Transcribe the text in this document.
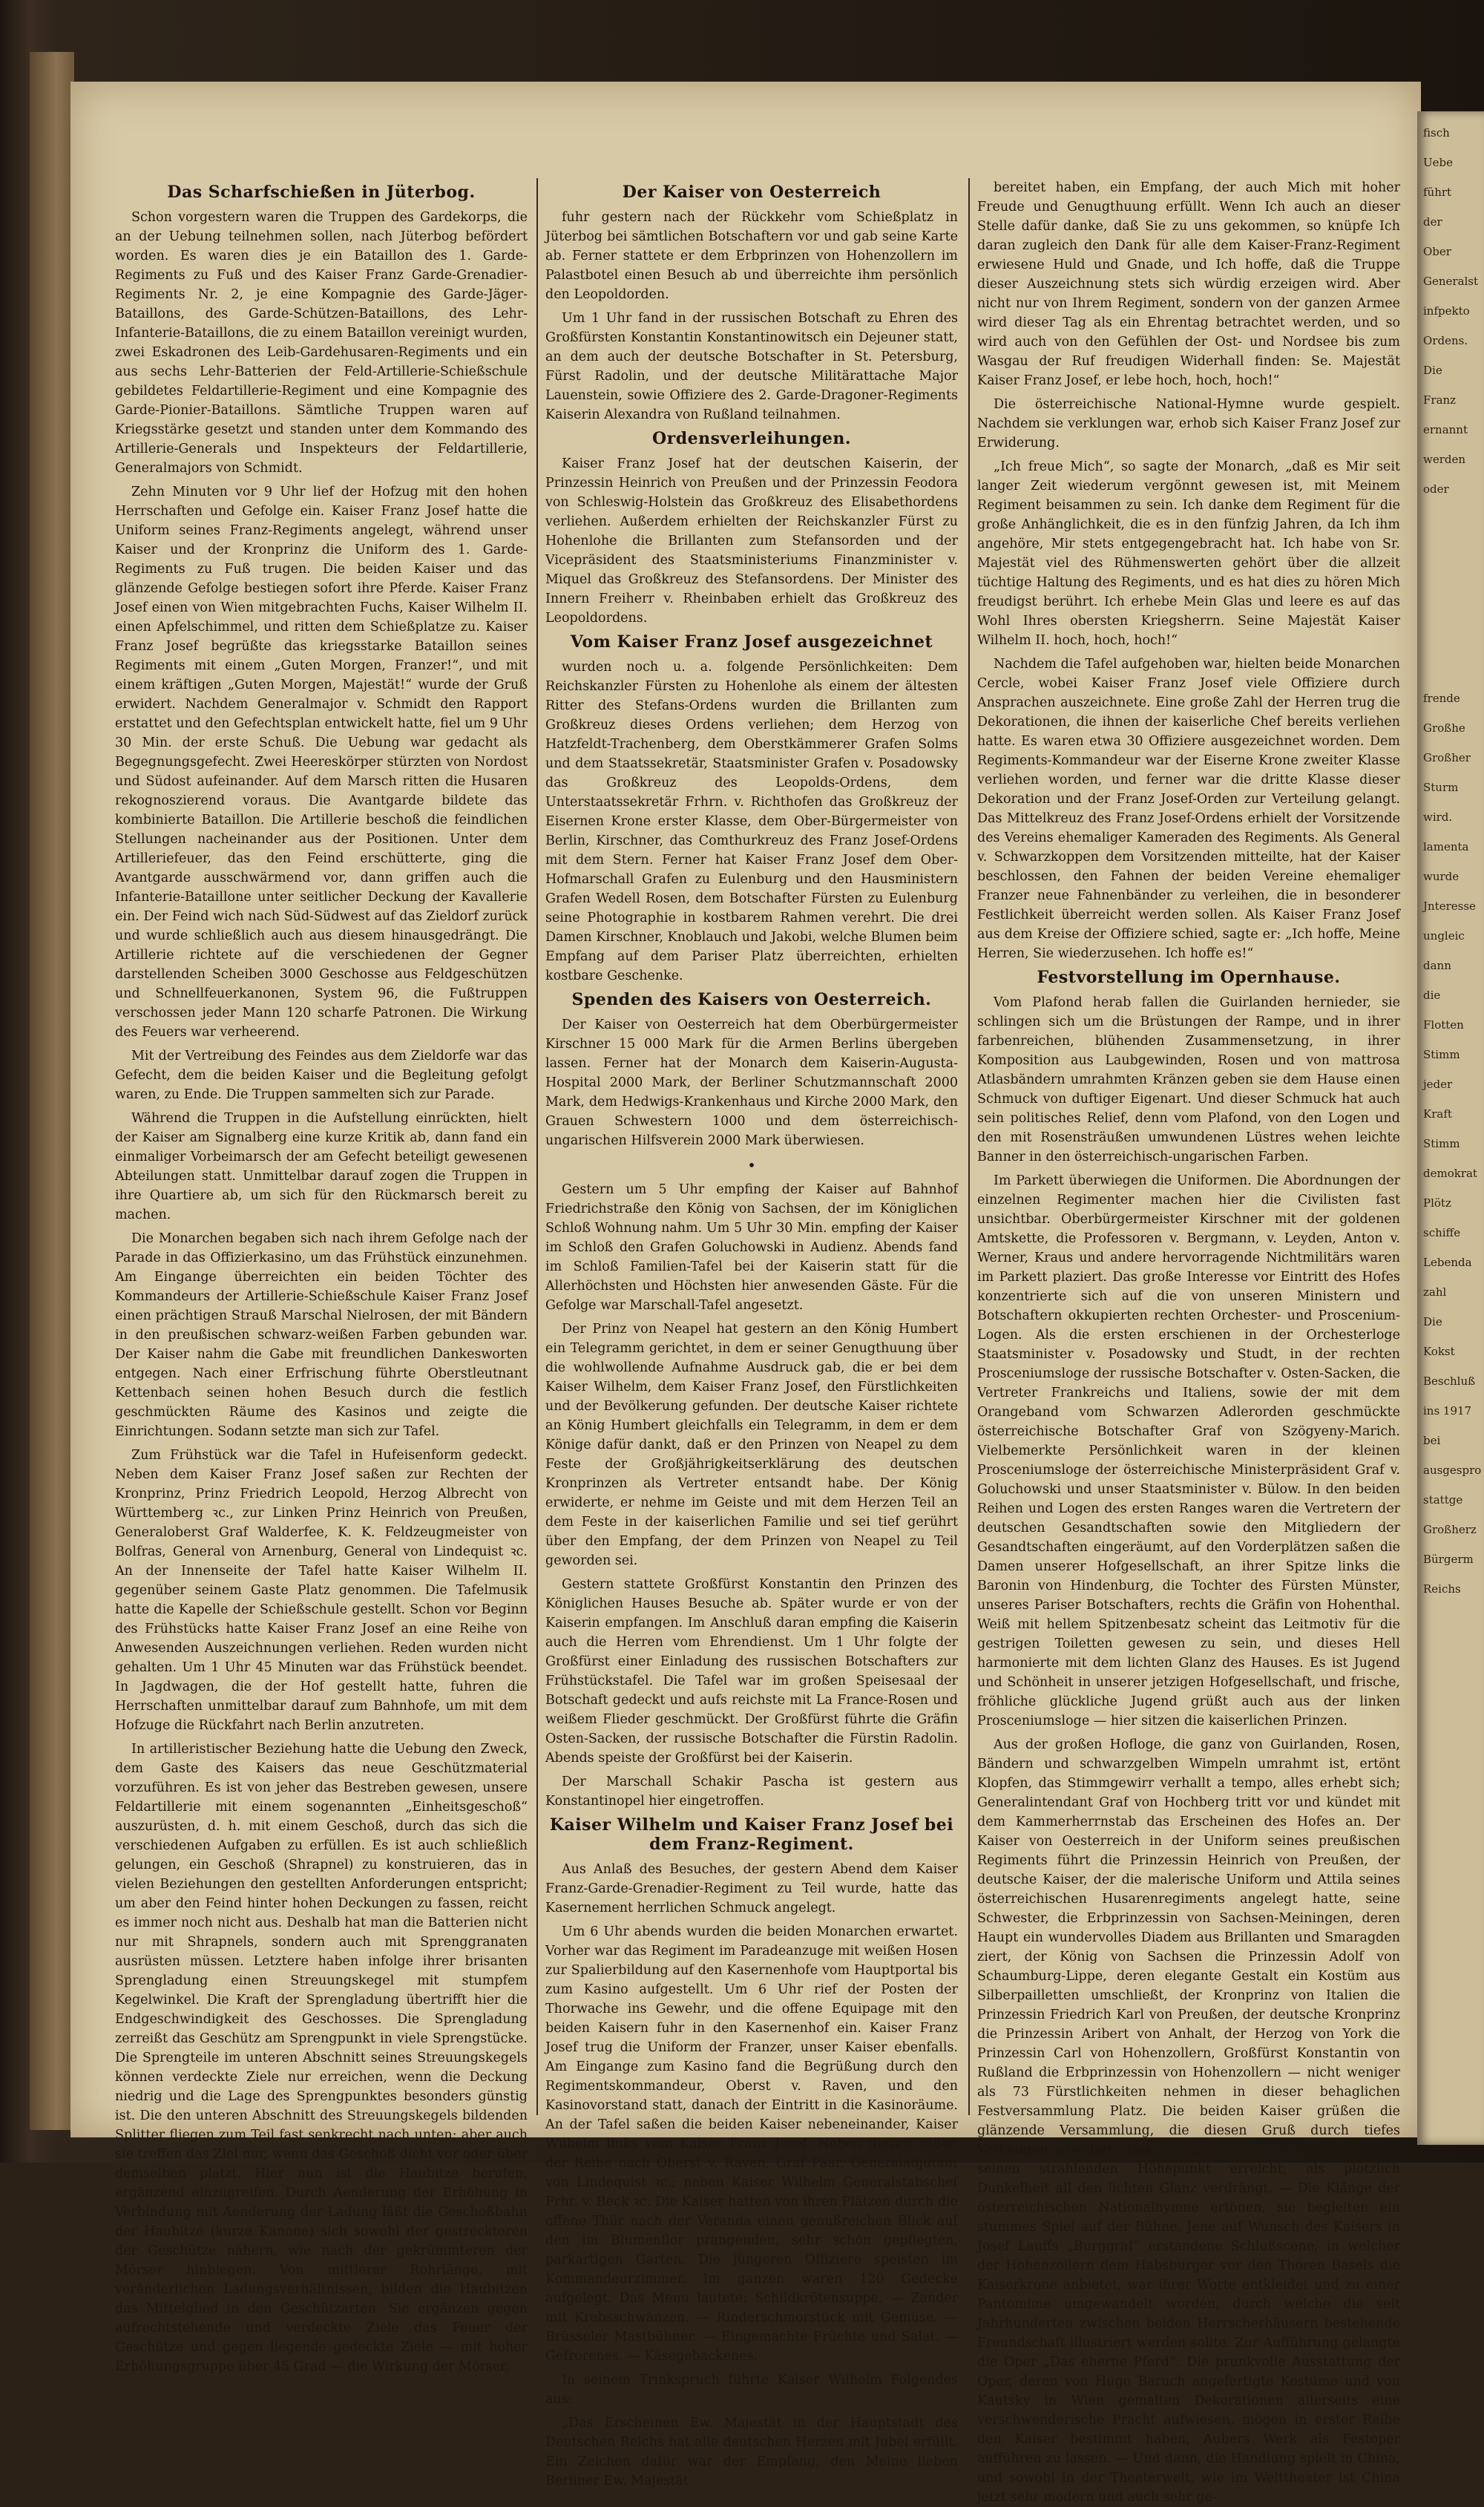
Das Scharfschießen in Jüterbog.

Schon vorgestern waren die Truppen des Gardekorps, die an der Uebung teilnehmen sollen, nach Jüterbog befördert worden. Es waren dies je ein Bataillon des 1. Garde-Regiments zu Fuß und des Kaiser Franz Garde-Grenadier-Regiments Nr. 2, je eine Kompagnie des Garde-Jäger-Bataillons, des Garde-Schützen-Bataillons, des Lehr-Infanterie-Bataillons, die zu einem Bataillon vereinigt wurden, zwei Eskadronen des Leib-Gardehusaren-Regiments und ein aus sechs Lehr-Batterien der Feld-Artillerie-Schießschule gebildetes Feldartillerie-Regiment und eine Kompagnie des Garde-Pionier-Bataillons. Sämtliche Truppen waren auf Kriegsstärke gesetzt und standen unter dem Kommando des Artillerie-Generals und Inspekteurs der Feldartillerie, Generalmajors von Schmidt.

Zehn Minuten vor 9 Uhr lief der Hofzug mit den hohen Herrschaften und Gefolge ein. Kaiser Franz Josef hatte die Uniform seines Franz-Regiments angelegt, während unser Kaiser und der Kronprinz die Uniform des 1. Garde-Regiments zu Fuß trugen. Die beiden Kaiser und das glänzende Gefolge bestiegen sofort ihre Pferde. Kaiser Franz Josef einen von Wien mitgebrachten Fuchs, Kaiser Wilhelm II. einen Apfelschimmel, und ritten dem Schießplatze zu. Kaiser Franz Josef begrüßte das kriegsstarke Bataillon seines Regiments mit einem „Guten Morgen, Franzer!“, und mit einem kräftigen „Guten Morgen, Majestät!“ wurde der Gruß erwidert. Nachdem Generalmajor v. Schmidt den Rapport erstattet und den Gefechtsplan entwickelt hatte, fiel um 9 Uhr 30 Min. der erste Schuß. Die Uebung war gedacht als Begegnungsgefecht. Zwei Heereskörper stürzten von Nordost und Südost aufeinander. Auf dem Marsch ritten die Husaren rekognoszierend voraus. Die Avantgarde bildete das kombinierte Bataillon. Die Artillerie beschoß die feindlichen Stellungen nacheinander aus der Positionen. Unter dem Artilleriefeuer, das den Feind erschütterte, ging die Avantgarde ausschwärmend vor, dann griffen auch die Infanterie-Bataillone unter seitlicher Deckung der Kavallerie ein. Der Feind wich nach Süd-Südwest auf das Zieldorf zurück und wurde schließlich auch aus diesem hinausgedrängt. Die Artillerie richtete auf die verschiedenen der Gegner darstellenden Scheiben 3000 Geschosse aus Feldgeschützen und Schnellfeuerkanonen, System 96, die Fußtruppen verschossen jeder Mann 120 scharfe Patronen. Die Wirkung des Feuers war verheerend.

Mit der Vertreibung des Feindes aus dem Zieldorfe war das Gefecht, dem die beiden Kaiser und die Begleitung gefolgt waren, zu Ende. Die Truppen sammelten sich zur Parade.

Während die Truppen in die Aufstellung einrückten, hielt der Kaiser am Signalberg eine kurze Kritik ab, dann fand ein einmaliger Vorbeimarsch der am Gefecht beteiligt gewesenen Abteilungen statt. Unmittelbar darauf zogen die Truppen in ihre Quartiere ab, um sich für den Rückmarsch bereit zu machen.

Die Monarchen begaben sich nach ihrem Gefolge nach der Parade in das Offizierkasino, um das Frühstück einzunehmen. Am Eingange überreichten ein beiden Töchter des Kommandeurs der Artillerie-Schießschule Kaiser Franz Josef einen prächtigen Strauß Marschal Nielrosen, der mit Bändern in den preußischen schwarz-weißen Farben gebunden war. Der Kaiser nahm die Gabe mit freundlichen Dankesworten entgegen. Nach einer Erfrischung führte Oberstleutnant Kettenbach seinen hohen Besuch durch die festlich geschmückten Räume des Kasinos und zeigte die Einrichtungen. Sodann setzte man sich zur Tafel.

Zum Frühstück war die Tafel in Hufeisenform gedeckt. Neben dem Kaiser Franz Josef saßen zur Rechten der Kronprinz, Prinz Friedrich Leopold, Herzog Albrecht von Württemberg ꝛc., zur Linken Prinz Heinrich von Preußen, Generaloberst Graf Walderfee, K. K. Feldzeugmeister von Bolfras, General von Arnenburg, General von Lindequist ꝛc. An der Innenseite der Tafel hatte Kaiser Wilhelm II. gegenüber seinem Gaste Platz genommen. Die Tafelmusik hatte die Kapelle der Schießschule gestellt. Schon vor Beginn des Frühstücks hatte Kaiser Franz Josef an eine Reihe von Anwesenden Auszeichnungen verliehen. Reden wurden nicht gehalten. Um 1 Uhr 45 Minuten war das Frühstück beendet. In Jagdwagen, die der Hof gestellt hatte, fuhren die Herrschaften unmittelbar darauf zum Bahnhofe, um mit dem Hofzuge die Rückfahrt nach Berlin anzutreten.

In artilleristischer Beziehung hatte die Uebung den Zweck, dem Gaste des Kaisers das neue Geschützmaterial vorzuführen. Es ist von jeher das Bestreben gewesen, unsere Feldartillerie mit einem sogenannten „Einheitsgeschoß“ auszurüsten, d. h. mit einem Geschoß, durch das sich die verschiedenen Aufgaben zu erfüllen. Es ist auch schließlich gelungen, ein Geschoß (Shrapnel) zu konstruieren, das in vielen Beziehungen den gestellten Anforderungen entspricht; um aber den Feind hinter hohen Deckungen zu fassen, reicht es immer noch nicht aus. Deshalb hat man die Batterien nicht nur mit Shrapnels, sondern auch mit Sprenggranaten ausrüsten müssen. Letztere haben infolge ihrer brisanten Sprengladung einen Streuungskegel mit stumpfem Kegelwinkel. Die Kraft der Sprengladung übertrifft hier die Endgeschwindigkeit des Geschosses. Die Sprengladung zerreißt das Geschütz am Sprengpunkt in viele Sprengstücke. Die Sprengteile im unteren Abschnitt seines Streuungskegels können verdeckte Ziele nur erreichen, wenn die Deckung niedrig und die Lage des Sprengpunktes besonders günstig ist. Die den unteren Abschnitt des Streuungskegels bildenden Splitter fliegen zum Teil fast senkrecht nach unten; aber auch sie treffen das Ziel nur, wenn das Geschoß dicht vor oder über demselben platzt. Hier nun ist die Haubitze berufen, ergänzend einzugreifen. Durch Aenderung der Erhöhung in Verbindung mit Aenderung der Ladung läßt die Geschoßbahn der Haubitze (kurze Kanone) sich sowohl der gestreckteren der Geschütze nähern, wie nach der gekrümmteren der Mörser hinbiegen. Von mittlerer Rohrlänge, mit veränderlichen Ladungsverhältnissen, bilden die Haubitzen das Mittelglied in den Geschützarten. Sie ergänzen gegen aufrechtstehende und verdeckte Ziele das Feuer der Geschütze und gegen liegende gedeckte Ziele — mit hoher Erhöhungsgruppe über 45 Grad — die Wirkung der Mörser.

Der Kaiser von Oesterreich

fuhr gestern nach der Rückkehr vom Schießplatz in Jüterbog bei sämtlichen Botschaftern vor und gab seine Karte ab. Ferner stattete er dem Erbprinzen von Hohenzollern im Palastbotel einen Besuch ab und überreichte ihm persönlich den Leopoldorden.

Um 1 Uhr fand in der russischen Botschaft zu Ehren des Großfürsten Konstantin Konstantinowitsch ein Dejeuner statt, an dem auch der deutsche Botschafter in St. Petersburg, Fürst Radolin, und der deutsche Militärattache Major Lauenstein, sowie Offiziere des 2. Garde-Dragoner-Regiments Kaiserin Alexandra von Rußland teilnahmen.

Ordensverleihungen.

Kaiser Franz Josef hat der deutschen Kaiserin, der Prinzessin Heinrich von Preußen und der Prinzessin Feodora von Schleswig-Holstein das Großkreuz des Elisabethordens verliehen. Außerdem erhielten der Reichskanzler Fürst zu Hohenlohe die Brillanten zum Stefansorden und der Vicepräsident des Staatsministeriums Finanzminister v. Miquel das Großkreuz des Stefansordens. Der Minister des Innern Freiherr v. Rheinbaben erhielt das Großkreuz des Leopoldordens.

Vom Kaiser Franz Josef ausgezeichnet

wurden noch u. a. folgende Persönlichkeiten: Dem Reichskanzler Fürsten zu Hohenlohe als einem der ältesten Ritter des Stefans-Ordens wurden die Brillanten zum Großkreuz dieses Ordens verliehen; dem Herzog von Hatzfeldt-Trachenberg, dem Oberstkämmerer Grafen Solms und dem Staatssekretär, Staatsminister Grafen v. Posadowsky das Großkreuz des Leopolds-Ordens, dem Unterstaatssekretär Frhrn. v. Richthofen das Großkreuz der Eisernen Krone erster Klasse, dem Ober-Bürgermeister von Berlin, Kirschner, das Comthurkreuz des Franz Josef-Ordens mit dem Stern. Ferner hat Kaiser Franz Josef dem Ober-Hofmarschall Grafen zu Eulenburg und den Hausministern Grafen Wedell Rosen, dem Botschafter Fürsten zu Eulenburg seine Photographie in kostbarem Rahmen verehrt. Die drei Damen Kirschner, Knoblauch und Jakobi, welche Blumen beim Empfang auf dem Pariser Platz überreichten, erhielten kostbare Geschenke.

Spenden des Kaisers von Oesterreich.

Der Kaiser von Oesterreich hat dem Oberbürgermeister Kirschner 15 000 Mark für die Armen Berlins übergeben lassen. Ferner hat der Monarch dem Kaiserin-Augusta-Hospital 2000 Mark, der Berliner Schutzmannschaft 2000 Mark, dem Hedwigs-Krankenhaus und Kirche 2000 Mark, den Grauen Schwestern 1000 und dem österreichisch-ungarischen Hilfsverein 2000 Mark überwiesen.

•

Gestern um 5 Uhr empfing der Kaiser auf Bahnhof Friedrichstraße den König von Sachsen, der im Königlichen Schloß Wohnung nahm. Um 5 Uhr 30 Min. empfing der Kaiser im Schloß den Grafen Goluchowski in Audienz. Abends fand im Schloß Familien-Tafel bei der Kaiserin statt für die Allerhöchsten und Höchsten hier anwesenden Gäste. Für die Gefolge war Marschall-Tafel angesetzt.

Der Prinz von Neapel hat gestern an den König Humbert ein Telegramm gerichtet, in dem er seiner Genugthuung über die wohlwollende Aufnahme Ausdruck gab, die er bei dem Kaiser Wilhelm, dem Kaiser Franz Josef, den Fürstlichkeiten und der Bevölkerung gefunden. Der deutsche Kaiser richtete an König Humbert gleichfalls ein Telegramm, in dem er dem Könige dafür dankt, daß er den Prinzen von Neapel zu dem Feste der Großjährigkeitserklärung des deutschen Kronprinzen als Vertreter entsandt habe. Der König erwiderte, er nehme im Geiste und mit dem Herzen Teil an dem Feste in der kaiserlichen Familie und sei tief gerührt über den Empfang, der dem Prinzen von Neapel zu Teil geworden sei.

Gestern stattete Großfürst Konstantin den Prinzen des Königlichen Hauses Besuche ab. Später wurde er von der Kaiserin empfangen. Im Anschluß daran empfing die Kaiserin auch die Herren vom Ehrendienst. Um 1 Uhr folgte der Großfürst einer Einladung des russischen Botschafters zur Frühstückstafel. Die Tafel war im großen Speisesaal der Botschaft gedeckt und aufs reichste mit La France-Rosen und weißem Flieder geschmückt. Der Großfürst führte die Gräfin Osten-Sacken, der russische Botschafter die Fürstin Radolin. Abends speiste der Großfürst bei der Kaiserin.

Der Marschall Schakir Pascha ist gestern aus Konstantinopel hier eingetroffen.

Kaiser Wilhelm und Kaiser Franz Josef bei dem Franz-Regiment.

Aus Anlaß des Besuches, der gestern Abend dem Kaiser Franz-Garde-Grenadier-Regiment zu Teil wurde, hatte das Kasernement herrlichen Schmuck angelegt.

Um 6 Uhr abends wurden die beiden Monarchen erwartet. Vorher war das Regiment im Paradeanzuge mit weißen Hosen zur Spalierbildung auf den Kasernenhofe vom Hauptportal bis zum Kasino aufgestellt. Um 6 Uhr rief der Posten der Thorwache ins Gewehr, und die offene Equipage mit den beiden Kaisern fuhr in den Kasernenhof ein. Kaiser Franz Josef trug die Uniform der Franzer, unser Kaiser ebenfalls. Am Eingange zum Kasino fand die Begrüßung durch den Regimentskommandeur, Oberst v. Raven, und den Kasinovorstand statt, danach der Eintritt in die Kasinoräume. An der Tafel saßen die beiden Kaiser nebeneinander, Kaiser Wilhelm links vom Kaiser Franz Josef. Neben diesen saßen der Reihe nach Oberst v. Raven, Graf Paar, Generaladjutant von Lindequist ꝛc.; neben Kaiser Wilhelm Generalstabschef Frhr. v. Beck ꝛc. Die Kaiser hatten von ihren Plätzen durch die offene Thür nach der Veranda einen genußreichen Blick auf den im Blumenflor prangenden, sehr schön gepflegten, parkartigen Garten. Die jüngeren Offiziere speisten im Kommandeurzimmer. Im ganzen waren 120 Gedecke aufgelegt. Das Menu lautete: Schildkrötensuppe. — Zander mit Krebsschwänzen. — Rinderschmorstück mit Gemüse. — Brüsseler Mastbühner. — Eingemachte Früchte und Salat. — Gefrorenes. — Käsegebackenes.

In seinem Trinkspruch führte Kaiser Wilhelm Folgendes aus:

„Das Erscheinen Ew. Majestät in der Hauptstadt des Deutschen Reichs hat alle deutschen Herzen mit Jubel erfüllt. Ein Zeichen dafür war der Empfang, den Meine lieben Berliner Ew. Majestät

bereitet haben, ein Empfang, der auch Mich mit hoher Freude und Genugthuung erfüllt. Wenn Ich auch an dieser Stelle dafür danke, daß Sie zu uns gekommen, so knüpfe Ich daran zugleich den Dank für alle dem Kaiser-Franz-Regiment erwiesene Huld und Gnade, und Ich hoffe, daß die Truppe dieser Auszeichnung stets sich würdig erzeigen wird. Aber nicht nur von Ihrem Regiment, sondern von der ganzen Armee wird dieser Tag als ein Ehrentag betrachtet werden, und so wird auch von den Gefühlen der Ost- und Nordsee bis zum Wasgau der Ruf freudigen Widerhall finden: Se. Majestät Kaiser Franz Josef, er lebe hoch, hoch, hoch!“

Die österreichische National-Hymne wurde gespielt. Nachdem sie verklungen war, erhob sich Kaiser Franz Josef zur Erwiderung.

„Ich freue Mich“, so sagte der Monarch, „daß es Mir seit langer Zeit wiederum vergönnt gewesen ist, mit Meinem Regiment beisammen zu sein. Ich danke dem Regiment für die große Anhänglichkeit, die es in den fünfzig Jahren, da Ich ihm angehöre, Mir stets entgegengebracht hat. Ich habe von Sr. Majestät viel des Rühmenswerten gehört über die allzeit tüchtige Haltung des Regiments, und es hat dies zu hören Mich freudigst berührt. Ich erhebe Mein Glas und leere es auf das Wohl Ihres obersten Kriegsherrn. Seine Majestät Kaiser Wilhelm II. hoch, hoch, hoch!“

Nachdem die Tafel aufgehoben war, hielten beide Monarchen Cercle, wobei Kaiser Franz Josef viele Offiziere durch Ansprachen auszeichnete. Eine große Zahl der Herren trug die Dekorationen, die ihnen der kaiserliche Chef bereits verliehen hatte. Es waren etwa 30 Offiziere ausgezeichnet worden. Dem Regiments-Kommandeur war der Eiserne Krone zweiter Klasse verliehen worden, und ferner war die dritte Klasse dieser Dekoration und der Franz Josef-Orden zur Verteilung gelangt. Das Mittelkreuz des Franz Josef-Ordens erhielt der Vorsitzende des Vereins ehemaliger Kameraden des Regiments. Als General v. Schwarzkoppen dem Vorsitzenden mitteilte, hat der Kaiser beschlossen, den Fahnen der beiden Vereine ehemaliger Franzer neue Fahnenbänder zu verleihen, die in besonderer Festlichkeit überreicht werden sollen. Als Kaiser Franz Josef aus dem Kreise der Offiziere schied, sagte er: „Ich hoffe, Meine Herren, Sie wiederzusehen. Ich hoffe es!“

Festvorstellung im Opernhause.

Vom Plafond herab fallen die Guirlanden hernieder, sie schlingen sich um die Brüstungen der Rampe, und in ihrer farbenreichen, blühenden Zusammensetzung, in ihrer Komposition aus Laubgewinden, Rosen und von mattrosa Atlasbändern umrahmten Kränzen geben sie dem Hause einen Schmuck von duftiger Eigenart. Und dieser Schmuck hat auch sein politisches Relief, denn vom Plafond, von den Logen und den mit Rosensträußen umwundenen Lüstres wehen leichte Banner in den österreichisch-ungarischen Farben.

Im Parkett überwiegen die Uniformen. Die Abordnungen der einzelnen Regimenter machen hier die Civilisten fast unsichtbar. Oberbürgermeister Kirschner mit der goldenen Amtskette, die Professoren v. Bergmann, v. Leyden, Anton v. Werner, Kraus und andere hervorragende Nichtmilitärs waren im Parkett plaziert. Das große Interesse vor Eintritt des Hofes konzentrierte sich auf die von unseren Ministern und Botschaftern okkupierten rechten Orchester- und Proscenium-Logen. Als die ersten erschienen in der Orchesterloge Staatsminister v. Posadowsky und Studt, in der rechten Prosceniumsloge der russische Botschafter v. Osten-Sacken, die Vertreter Frankreichs und Italiens, sowie der mit dem Orangeband vom Schwarzen Adlerorden geschmückte österreichische Botschafter Graf von Szögyeny-Marich. Vielbemerkte Persönlichkeit waren in der kleinen Prosceniumsloge der österreichische Ministerpräsident Graf v. Goluchowski und unser Staatsminister v. Bülow. In den beiden Reihen und Logen des ersten Ranges waren die Vertretern der deutschen Gesandtschaften sowie den Mitgliedern der Gesandtschaften eingeräumt, auf den Vorderplätzen saßen die Damen unserer Hofgesellschaft, an ihrer Spitze links die Baronin von Hindenburg, die Tochter des Fürsten Münster, unseres Pariser Botschafters, rechts die Gräfin von Hohenthal. Weiß mit hellem Spitzenbesatz scheint das Leitmotiv für die gestrigen Toiletten gewesen zu sein, und dieses Hell harmonierte mit dem lichten Glanz des Hauses. Es ist Jugend und Schönheit in unserer jetzigen Hofgesellschaft, und frische, fröhliche glückliche Jugend grüßt auch aus der linken Prosceniumsloge — hier sitzen die kaiserlichen Prinzen.

Aus der großen Hofloge, die ganz von Guirlanden, Rosen, Bändern und schwarzgelben Wimpeln umrahmt ist, ertönt Klopfen, das Stimmgewirr verhallt a tempo, alles erhebt sich; Generalintendant Graf von Hochberg tritt vor und kündet mit dem Kammerherrnstab das Erscheinen des Hofes an. Der Kaiser von Oesterreich in der Uniform seines preußischen Regiments führt die Prinzessin Heinrich von Preußen, der deutsche Kaiser, der die malerische Uniform und Attila seines österreichischen Husarenregiments angelegt hatte, seine Schwester, die Erbprinzessin von Sachsen-Meiningen, deren Haupt ein wundervolles Diadem aus Brillanten und Smaragden ziert, der König von Sachsen die Prinzessin Adolf von Schaumburg-Lippe, deren elegante Gestalt ein Kostüm aus Silberpailletten umschließt, der Kronprinz von Italien die Prinzessin Friedrich Karl von Preußen, der deutsche Kronprinz die Prinzessin Aribert von Anhalt, der Herzog von York die Prinzessin Carl von Hohenzollern, Großfürst Konstantin von Rußland die Erbprinzessin von Hohenzollern — nicht weniger als 73 Fürstlichkeiten nehmen in dieser behaglichen Festversammlung Platz. Die beiden Kaiser grüßen die glänzende Versammlung, die diesen Gruß durch tiefes Verbeugen erwidert. Das Schauspiel im Zuschauerraum hat seinen strahlenden Höhepunkt erreicht, als plötzlich Dunkelheit all den lichten Glanz verdrängt. — Die Klänge der österreichischen Nationalhymne ertönen, sie begleiten ein stummes Spiel auf der Bühne. Jene auf Wunsch des Kaisers in Josef Lauffs „Burggraf“ erstandene Schlußscene, in welcher der Hohenzollern dem Habsburger vor den Thoren Basels die Kaiserkrone anbietet, war ihrer Worte entkleidet und zu einer Pantomime umgewandelt worden, durch welche die seit Jahrhunderten zwischen beiden Herrscherhäusern bestehende Freundschaft illustriert werden sollte. Zur Aufführung gelangte die Oper „Das eherne Pferd“. Die prunkvolle Ausstattung der Oper, deren von Hugo Baruch angefertigte Kostüme und von Kautsky in Wien gemalten Dekorationen allerseits eine verschwenderische Pracht aufwiesen, mögen in erster Reihe den Kaiser bestimmt haben, Aubers Werk als Festoper aufführen zu lassen. — Und dann, die Handlung spielt in China, und sowohl in der Theaterwelt, wie im Welttheater ist China jetzt sehr modern und auch sehr ge-

fisch
Uebe
führt
der
Ober
Generalst
infpekto
Ordens.
Die
Franz
ernannt
werden
oder
frende
Großhe
Großher
Sturm
wird.
lamenta
wurde
Jnteresse
ungleic
dann
die
Flotten
Stimm
jeder
Kraft
Stimm
demokrat
Plötz
schiffe
Lebenda
zahl
Die
Kokst
Beschluß
ins 1917
bei
ausgespro
stattge
Großherz
Bürgerm
Reichs
